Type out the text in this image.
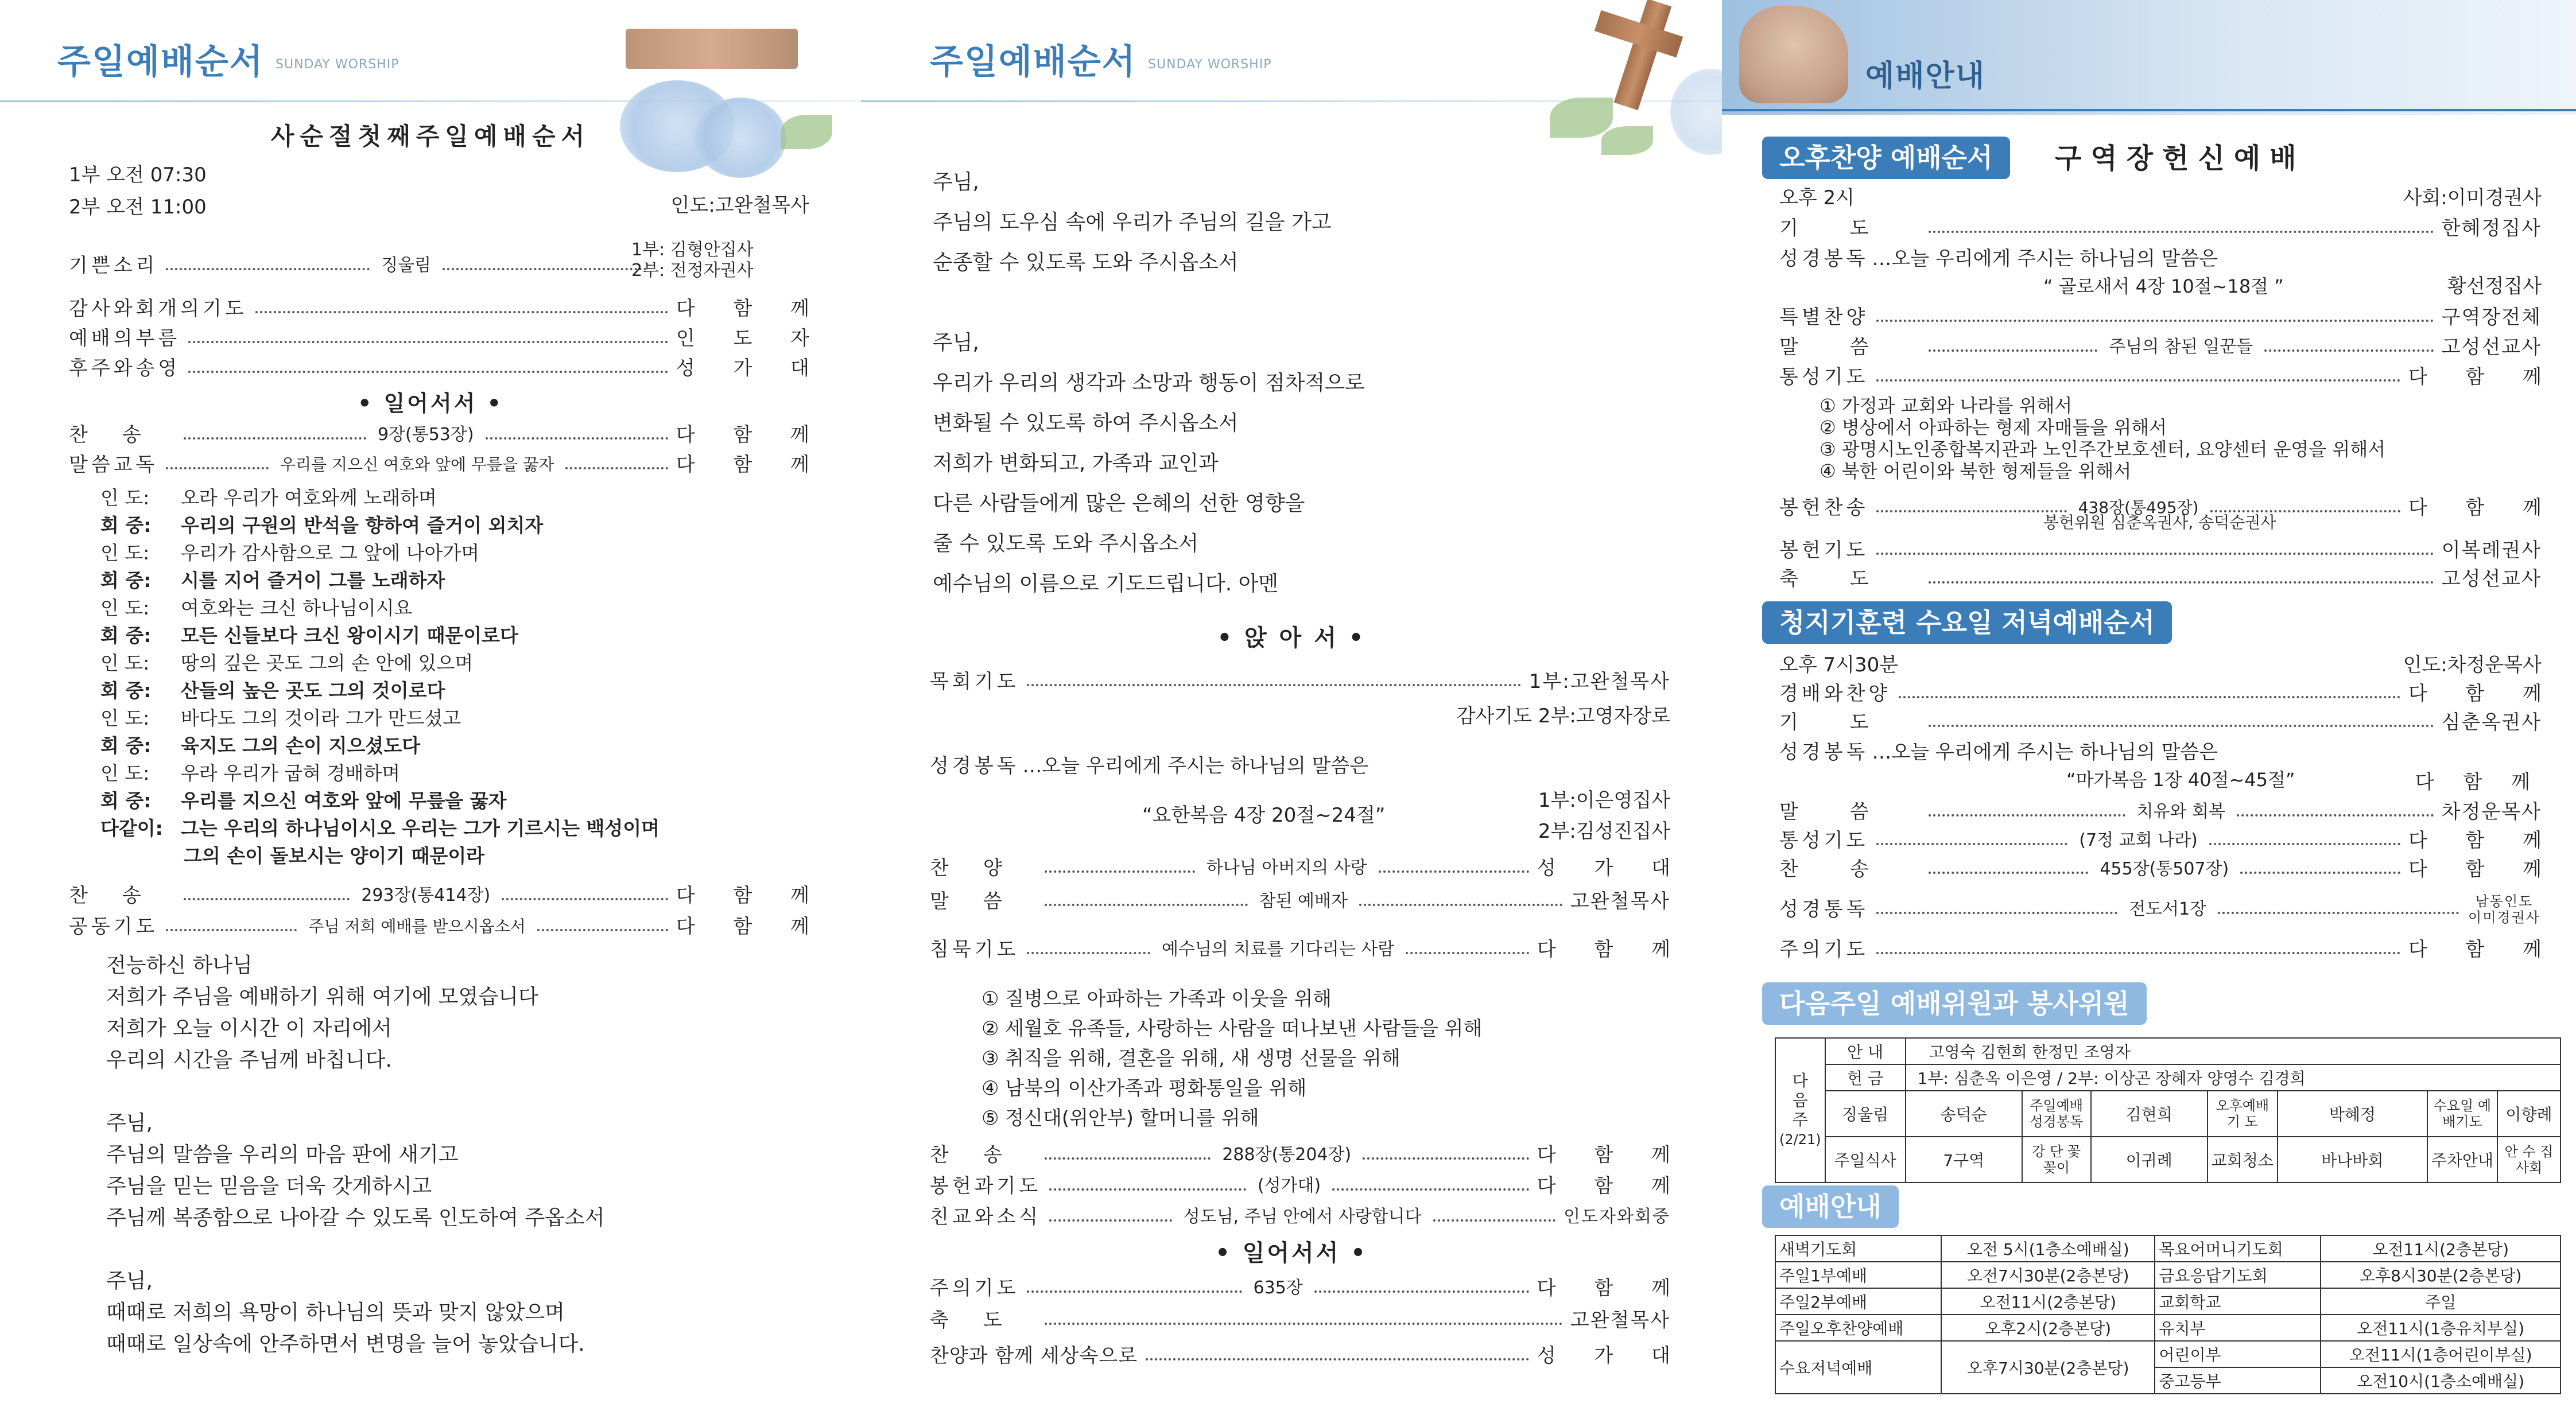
주일예배순서 SUNDAY WORSHIP
사순절첫째주일예배순서
1부 오전 07:30
2부 오전 11:00	인도:고완철목사
기쁜소리	징울림
1부: 김형안집사
2부: 전정자권사
감사와회개의기도	다 함 께
예배의부름	인 도 자
후주와송영	성 가 대
• 일어서서 •
찬송	9장(통53장)	다 함 께
말씀교독	우리를 지으신 여호와 앞에 무릎을 꿇자	다 함 께
인 도: 오라 우리가 여호와께 노래하며
회 중: 우리의 구원의 반석을 향하여 즐거이 외치자
인 도: 우리가 감사함으로 그 앞에 나아가며
회 중: 시를 지어 즐거이 그를 노래하자
인 도: 여호와는 크신 하나님이시요
회 중: 모든 신들보다 크신 왕이시기 때문이로다
인 도: 땅의 깊은 곳도 그의 손 안에 있으며
회 중: 산들의 높은 곳도 그의 것이로다
인 도: 바다도 그의 것이라 그가 만드셨고
회 중: 육지도 그의 손이 지으셨도다
인 도: 우라 우리가 굽혀 경배하며
회 중: 우리를 지으신 여호와 앞에 무릎을 꿇자
다같이: 그는 우리의 하나님이시오 우리는 그가 기르시는 백성이며
그의 손이 돌보시는 양이기 때문이라
찬송	293장(통414장)	다 함 께
공동기도	주님 저희 예배를 받으시옵소서	다 함 께
전능하신 하나님
저희가 주님을 예배하기 위해 여기에 모였습니다
저희가 오늘 이시간 이 자리에서
우리의 시간을 주님께 바칩니다.
주님,
주님의 말씀을 우리의 마음 판에 새기고
주님을 믿는 믿음을 더욱 갓게하시고
주님께 복종함으로 나아갈 수 있도록 인도하여 주옵소서
주님,
때때로 저희의 욕망이 하나님의 뜻과 맞지 않았으며
때때로 일상속에 안주하면서 변명을 늘어 놓았습니다.
주일예배순서 SUNDAY WORSHIP
주님,
주님의 도우심 속에 우리가 주님의 길을 가고
순종할 수 있도록 도와 주시옵소서
주님,
우리가 우리의 생각과 소망과 행동이 점차적으로
변화될 수 있도록 하여 주시옵소서
저희가 변화되고, 가족과 교인과
다른 사람들에게 많은 은혜의 선한 영향을
줄 수 있도록 도와 주시옵소서
예수님의 이름으로 기도드립니다. 아멘
• 앉 아 서 •
목회기도	1부:고완철목사
감사기도 2부:고영자장로
성경봉독 …오늘 우리에게 주시는 하나님의 말씀은
“요한복음 4장 20절~24절”
1부:이은영집사
2부:김성진집사
찬양	하나님 아버지의 사랑	성 가 대
말씀	참된 예배자	고완철목사
침묵기도	예수님의 치료를 기다리는 사람	다 함 께
① 질병으로 아파하는 가족과 이웃을 위해
② 세월호 유족들, 사랑하는 사람을 떠나보낸 사람들을 위해
③ 취직을 위해, 결혼을 위해, 새 생명 선물을 위해
④ 남북의 이산가족과 평화통일을 위해
⑤ 정신대(위안부) 할머니를 위해
찬송	288장(통204장)	다 함 께
봉헌과기도	(성가대)	다 함 께
친교와소식	성도님, 주님 안에서 사랑합니다	인도자와회중
• 일어서서 •
주의기도	635장	다 함 께
축도	고완철목사
찬양과 함께 세상속으로	성 가 대
예배안내
오후찬양 예배순서	구역장헌신예배
오후 2시	사회:이미경권사
기도	한혜정집사
성경봉독 …오늘 우리에게 주시는 하나님의 말씀은
“ 골로새서 4장 10절~18절 ”	황선정집사
특별찬양	구역장전체
말씀	주님의 참된 일꾼들	고성선교사
통성기도	다 함 께
① 가정과 교회와 나라를 위해서
② 병상에서 아파하는 형제 자매들을 위해서
③ 광명시노인종합복지관과 노인주간보호센터, 요양센터 운영을 위해서
④ 북한 어린이와 북한 형제들을 위해서
봉헌찬송	438장(통495장)	다 함 께
봉헌위원 심춘옥권사, 송덕순권사
봉헌기도	이복례권사
축도	고성선교사
청지기훈련 수요일 저녁예배순서
오후 7시30분	인도:차정운목사
경배와찬양	다 함 께
기도	심춘옥권사
성경봉독 …오늘 우리에게 주시는 하나님의 말씀은
“마가복음 1장 40절~45절”	다 함 께
말씀	치유와 회복	차정운목사
통성기도	(7정 교회 나라)	다 함 께
찬송	455장(통507장)	다 함 께
성경통독	전도서1장	남동인도 이미경권사
주의기도	다 함 께
다음주일 예배위원과 봉사위원
다음주
(2/21)	안 내	고영숙 김현희 한정민 조영자						
	헌 금	1부: 심춘옥 이은영 / 2부: 이상곤 장혜자 양영수 김경희						
	징울림	송덕순	주일예배 성경봉독	김현희	오후예배 기 도	박혜정	수요일 예배기도	이향례
	주일식사	7구역	강 단 꽃꽂이	이귀례	교회청소	바나바회	주차안내	안 수 집사회
예배안내
새벽기도회	오전 5시(1층소예배실)	목요어머니기도회	오전11시(2층본당)
주일1부예배	오전7시30분(2층본당)	금요응답기도회	오후8시30분(2층본당)
주일2부예배	오전11시(2층본당)	교회학교	주일
주일오후찬양예배	오후2시(2층본당)	유치부	오전11시(1층유치부실)
수요저녁예배	오후7시30분(2층본당)	어린이부	오전11시(1층어린이부실)
		중고등부	오전10시(1층소예배실)
